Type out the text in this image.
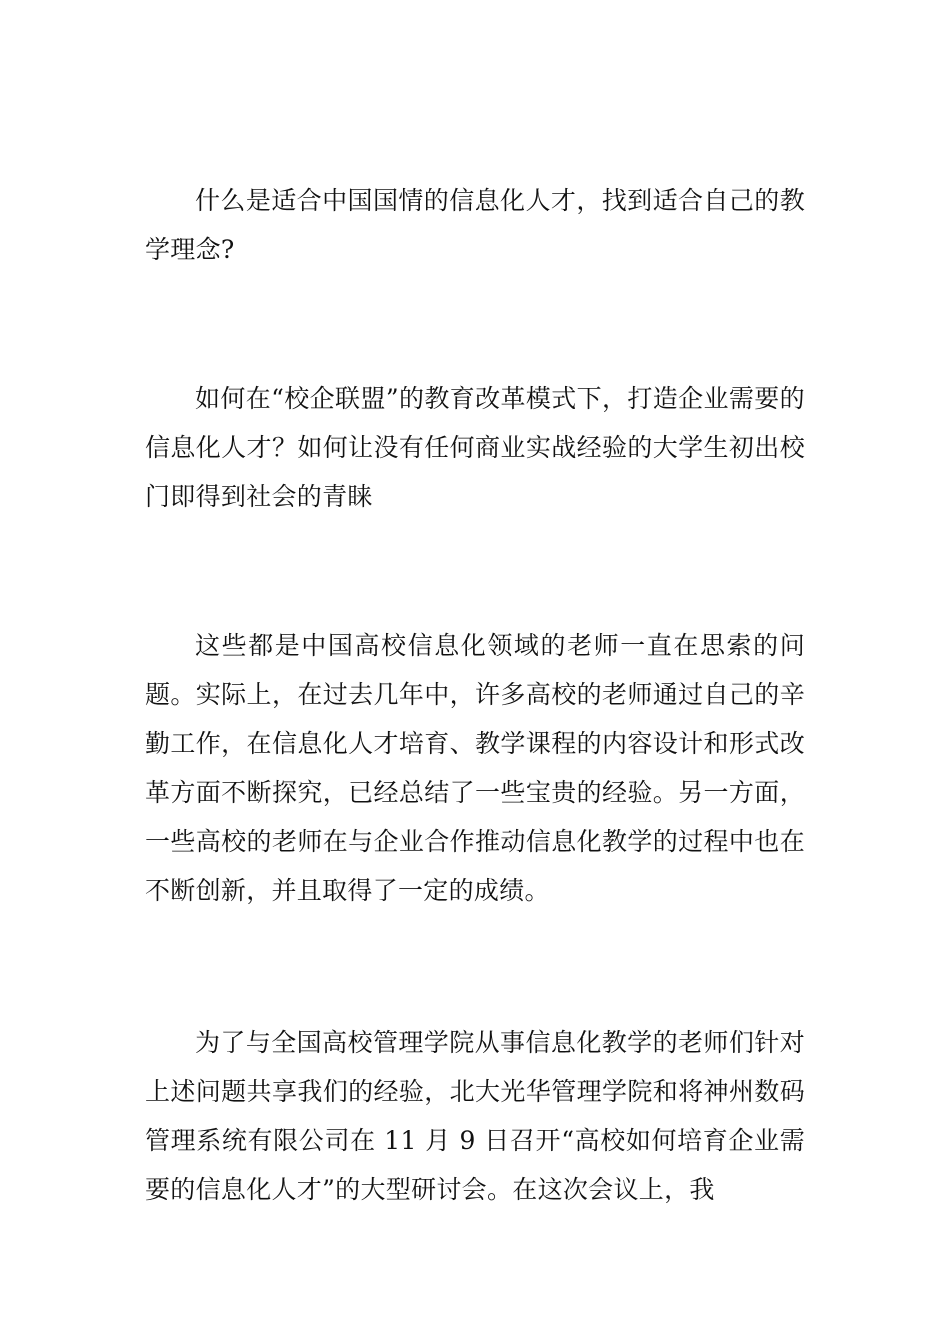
什么是适合中国国情的信息化人才，找到适合自己的教学理念?

如何在“校企联盟”的教育改革模式下，打造企业需要的信息化人才？如何让没有任何商业实战经验的大学生初出校门即得到社会的青睐

这些都是中国高校信息化领域的老师一直在思索的问题。实际上，在过去几年中，许多高校的老师通过自己的辛勤工作，在信息化人才培育、教学课程的内容设计和形式改革方面不断探究，已经总结了一些宝贵的经验。另一方面，一些高校的老师在与企业合作推动信息化教学的过程中也在不断创新，并且取得了一定的成绩。

为了与全国高校管理学院从事信息化教学的老师们针对上述问题共享我们的经验，北大光华管理学院和将神州数码管理系统有限公司在 11 月 9 日召开“高校如何培育企业需要的信息化人才”的大型研讨会。在这次会议上，我
